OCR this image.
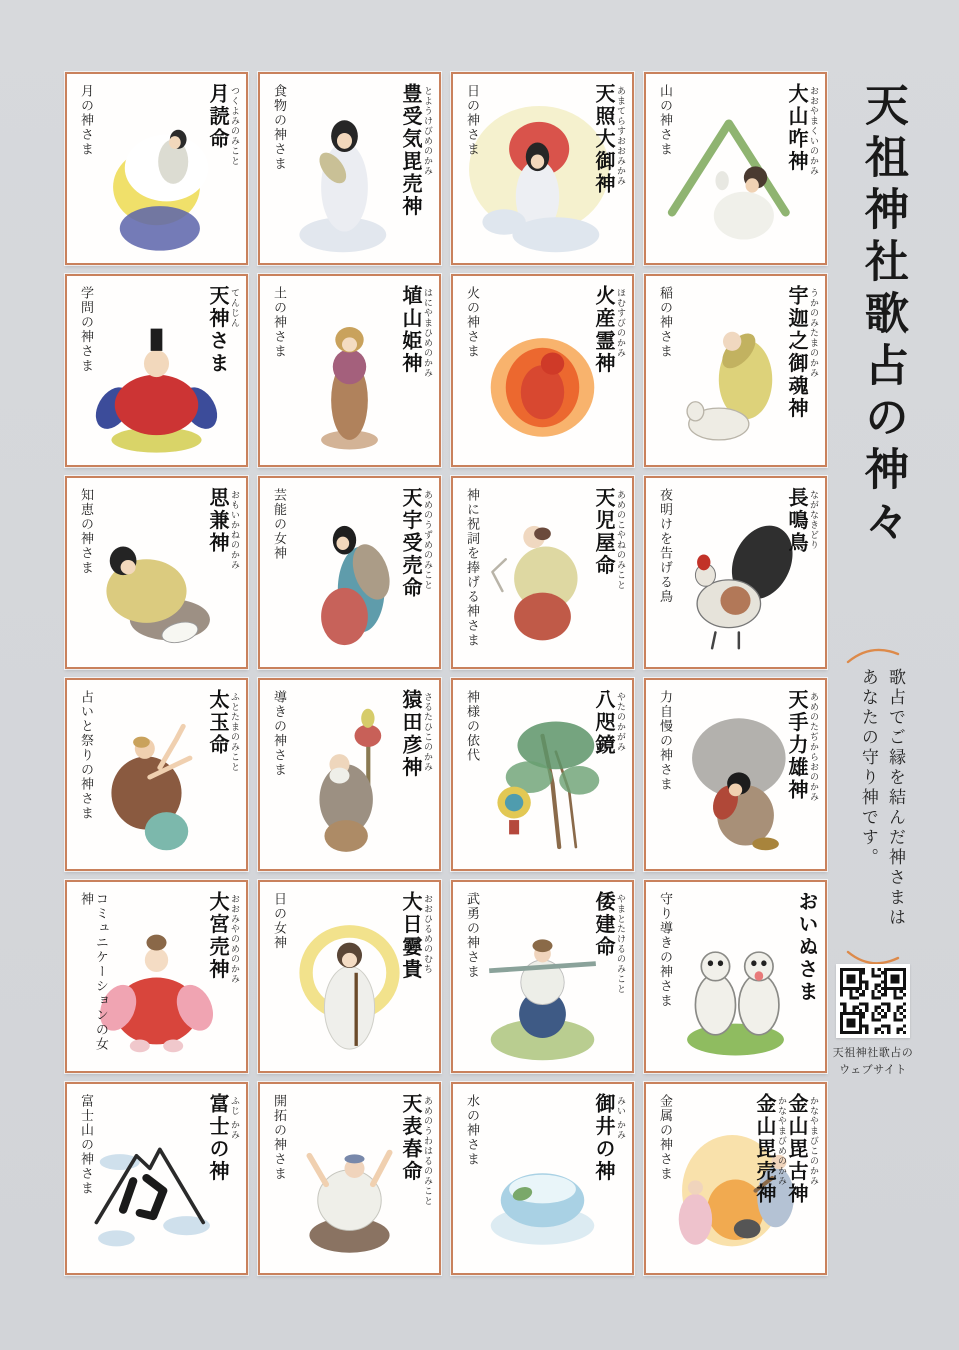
月の神さま	つくよみのみこと
月読命	食物の神さま	とようけびめのかみ
豊受気毘売神	日の神さま	あまてらすおおみかみ
天照大御神	山の神さま	おおやまくいのかみ
大山咋神
学問の神さま	てんじん
天神さま	土の神さま	はにやまひめのかみ
埴山姫神	火の神さま	ほむすびのかみ
火産霊神	稲の神さま	うかのみたまのかみ
宇迦之御魂神
知恵の神さま	おもいかねのかみ
思兼神	芸能の女神	あめのうずめのみこと
天宇受売命	神に祝詞を捧げる神さま	あめのこやねのみこと
天児屋命	夜明けを告げる鳥	ながなきどり
長鳴鳥
占いと祭りの神さま	ふとたまのみこと
太玉命	導きの神さま	さるたひこのかみ
猿田彦神	神様の依代	やたのかがみ
八咫鏡	力自慢の神さま	あめのたぢからおのかみ
天手力雄神
コミュニケーションの女神	おおみやのめのかみ
大宮売神	日の女神	おおひるめのむち
大日孁貴	武勇の神さま	やまとたけるのみこと
倭建命	守り導きの神さま	おいぬさま
富士山の神さま	ふじ かみ
富士の神	開拓の神さま	あめのうわはるのみこと
天表春命	水の神さま	みい かみ
御井の神	金属の神さま	かなやまびこのかみ
金山毘古神
かなやまびめのかみ
金山毘売神
天祖神社歌占の神々
歌占でご縁を結んだ神さまは
あなたの守り神です。
天祖神社歌占の
ウェブサイト
